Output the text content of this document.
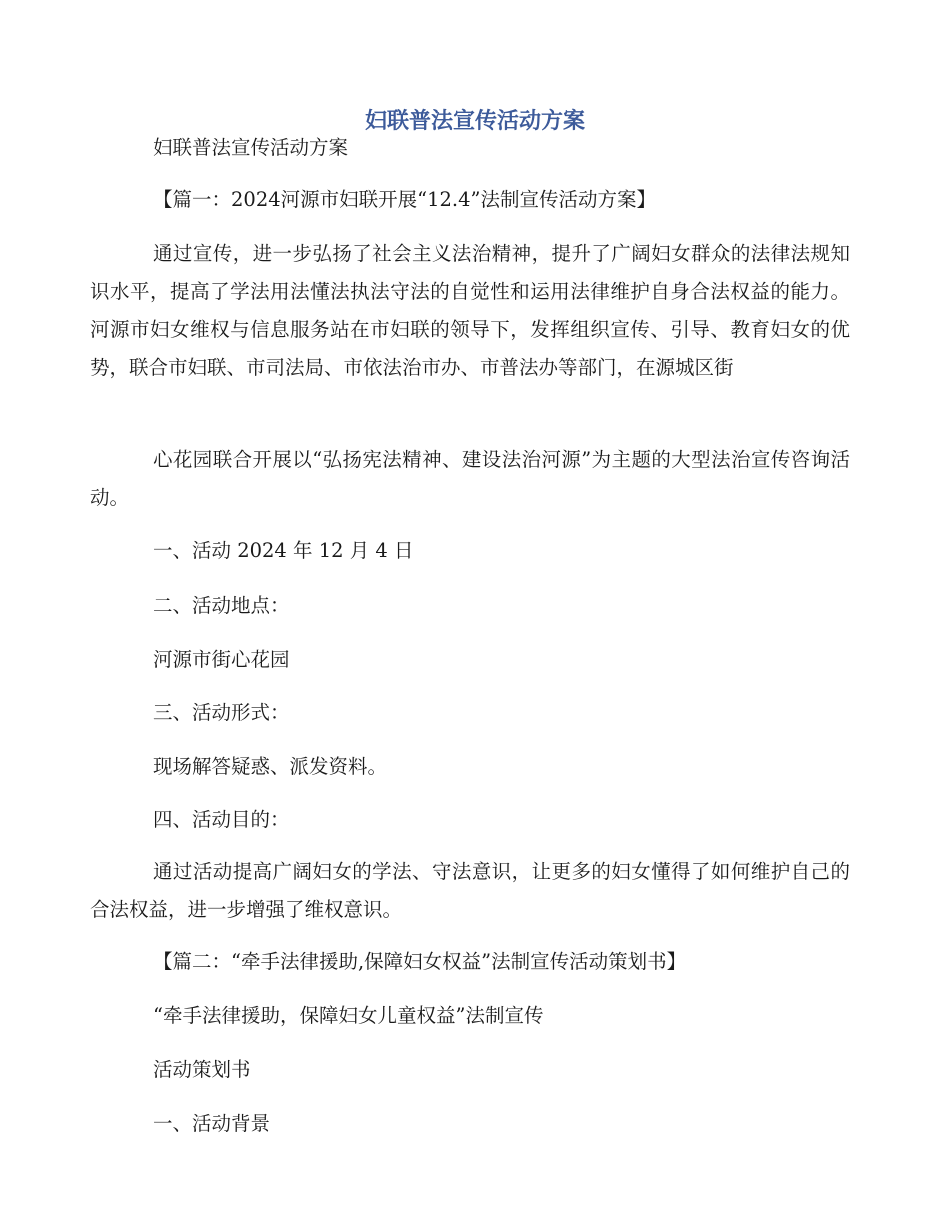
妇联普法宣传活动方案
妇联普法宣传活动方案
【篇一：2024河源市妇联开展“12.4”法制宣传活动方案】
通过宣传，进一步弘扬了社会主义法治精神，提升了广阔妇女群众的法律法规知识水平，提高了学法用法懂法执法守法的自觉性和运用法律维护自身合法权益的能力。河源市妇女维权与信息服务站在市妇联的领导下，发挥组织宣传、引导、教育妇女的优势，联合市妇联、市司法局、市依法治市办、市普法办等部门，在源城区街
心花园联合开展以“弘扬宪法精神、建设法治河源”为主题的大型法治宣传咨询活动。
一、活动 2024 年 12 月 4 日
二、活动地点：
河源市街心花园
三、活动形式：
现场解答疑惑、派发资料。
四、活动目的：
通过活动提高广阔妇女的学法、守法意识，让更多的妇女懂得了如何维护自己的合法权益，进一步增强了维权意识。
【篇二：“牵手法律援助,保障妇女权益”法制宣传活动策划书】
“牵手法律援助，保障妇女儿童权益”法制宣传
活动策划书
一、活动背景
